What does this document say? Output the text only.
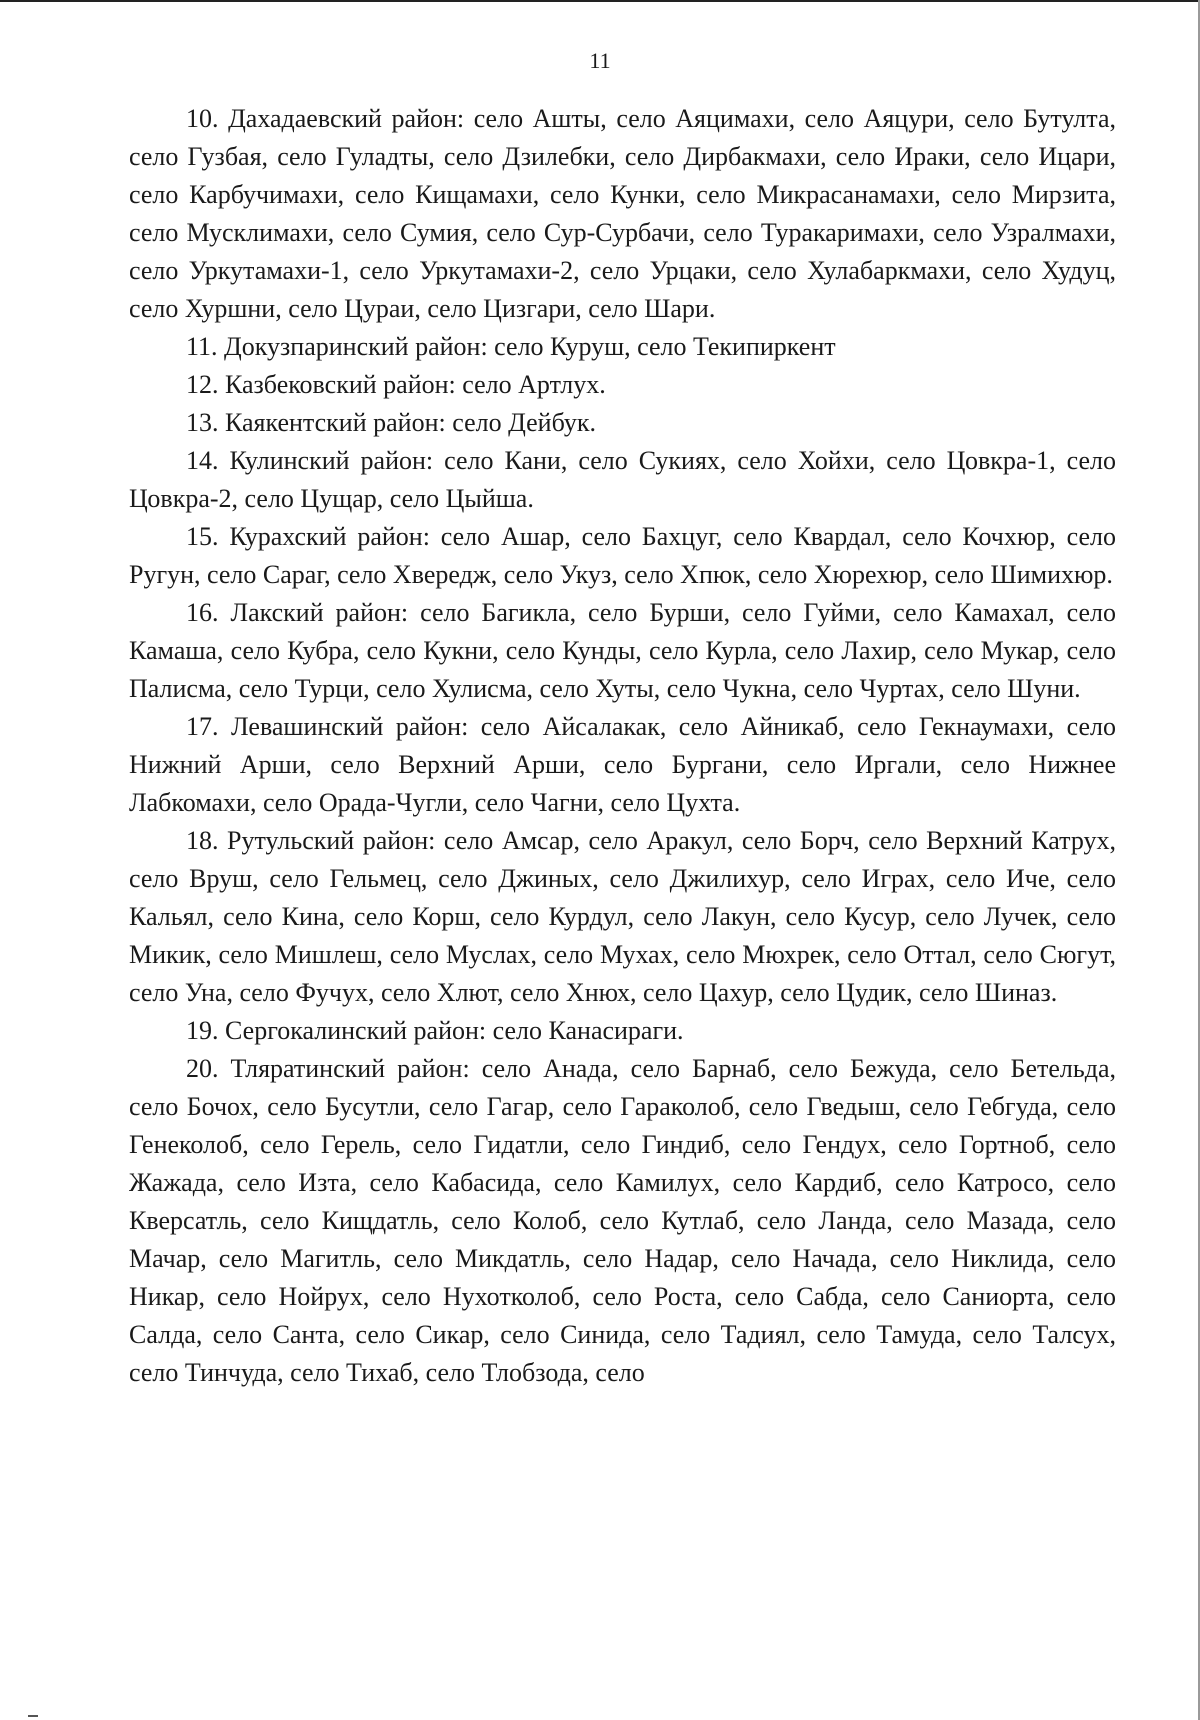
11

10. Дахадаевский район: село Ашты, село Аяцимахи, село Аяцури, село Бутулта, село Гузбая, село Гуладты, село Дзилебки, село Дирбакмахи, село Ираки, село Ицари, село Карбучимахи, село Кищамахи, село Кунки, село Микрасанамахи, село Мирзита, село Мусклимахи, село Сумия, село Сур-Сурбачи, село Туракаримахи, село Узралмахи, село Уркутамахи-1, село Уркутамахи-2, село Урцаки, село Хулабаркмахи, село Худуц, село Хуршни, село Цураи, село Цизгари, село Шари.

11. Докузпаринский район: село Куруш, село Текипиркент

12. Казбековский район: село Артлух.

13. Каякентский район: село Дейбук.

14. Кулинский район: село Кани, село Сукиях, село Хойхи, село Цовкра-1, село Цовкра-2, село Цущар, село Цыйша.

15. Курахский район: село Ашар, село Бахцуг, село Квардал, село Кочхюр, село Ругун, село Сараг, село Хвередж, село Укуз, село Хпюк, село Хюрехюр, село Шимихюр.

16. Лакский район: село Багикла, село Бурши, село Гуйми, село Камахал, село Камаша, село Кубра, село Кукни, село Кунды, село Курла, село Лахир, село Мукар, село Палисма, село Турци, село Хулисма, село Хуты, село Чукна, село Чуртах, село Шуни.

17. Левашинский район: село Айсалакак, село Айникаб, село Гекнаумахи, село Нижний Арши, село Верхний Арши, село Бургани, село Иргали, село Нижнее Лабкомахи, село Орада-Чугли, село Чагни, село Цухта.

18. Рутульский район: село Амсар, село Аракул, село Борч, село Верхний Катрух, село Вруш, село Гельмец, село Джиных, село Джилихур, село Играх, село Иче, село Кальял, село Кина, село Корш, село Курдул, село Лакун, село Кусур, село Лучек, село Микик, село Мишлеш, село Муслах, село Мухах, село Мюхрек, село Оттал, село Сюгут, село Уна, село Фучух, село Хлют, село Хнюх, село Цахур, село Цудик, село Шиназ.

19. Сергокалинский район: село Канасираги.

20. Тляратинский район: село Анада, село Барнаб, село Бежуда, село Бетельда, село Бочох, село Бусутли, село Гагар, село Гараколоб, село Гведыш, село Гебгуда, село Генеколоб, село Герель, село Гидатли, село Гиндиб, село Гендух, село Гортноб, село Жажада, село Изта, село Кабасида, село Камилух, село Кардиб, село Катросо, село Кверсатль, село Кищдатль, село Колоб, село Кутлаб, село Ланда, село Мазада, село Мачар, село Магитль, село Микдатль, село Надар, село Начада, село Никлида, село Никар, село Нойрух, село Нухотколоб, село Роста, село Сабда, село Саниорта, село Салда, село Санта, село Сикар, село Синида, село Тадиял, село Тамуда, село Талсух, село Тинчуда, село Тихаб, село Тлобзода, село
